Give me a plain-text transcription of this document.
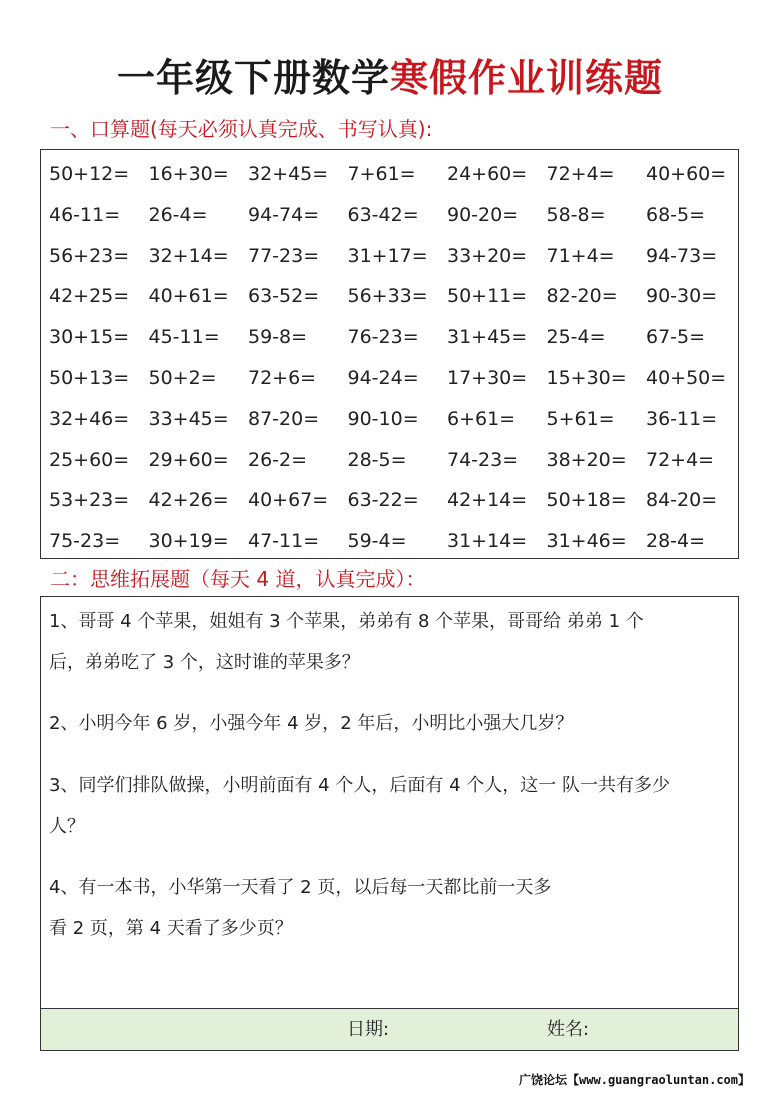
一年级下册数学寒假作业训练题
一、口算题(每天必须认真完成、书写认真):
50+12=	16+30=	32+45=	7+61=	24+60=	72+4=	40+60=
46-11=	26-4=	94-74=	63-42=	90-20=	58-8=	68-5=
56+23=	32+14=	77-23=	31+17=	33+20=	71+4=	94-73=
42+25=	40+61=	63-52=	56+33=	50+11=	82-20=	90-30=
30+15=	45-11=	59-8=	76-23=	31+45=	25-4=	67-5=
50+13=	50+2=	72+6=	94-24=	17+30=	15+30=	40+50=
32+46=	33+45=	87-20=	90-10=	6+61=	5+61=	36-11=
25+60=	29+60=	26-2=	28-5=	74-23=	38+20=	72+4=
53+23=	42+26=	40+67=	63-22=	42+14=	50+18=	84-20=
75-23=	30+19=	47-11=	59-4=	31+14=	31+46=	28-4=
二：思维拓展题（每天 4 道，认真完成）：
1、哥哥 4 个苹果，姐姐有 3 个苹果，弟弟有 8 个苹果，哥哥给 弟弟 1 个
后，弟弟吃了 3 个，这时谁的苹果多？
2、小明今年 6 岁，小强今年 4 岁，2 年后，小明比小强大几岁？
3、同学们排队做操，小明前面有 4 个人，后面有 4 个人，这一 队一共有多少
人？
4、有一本书，小华第一天看了 2 页，以后每一天都比前一天多
看 2 页，第 4 天看了多少页？
日期:	姓名:
广饶论坛【www.guangraoluntan.com】
